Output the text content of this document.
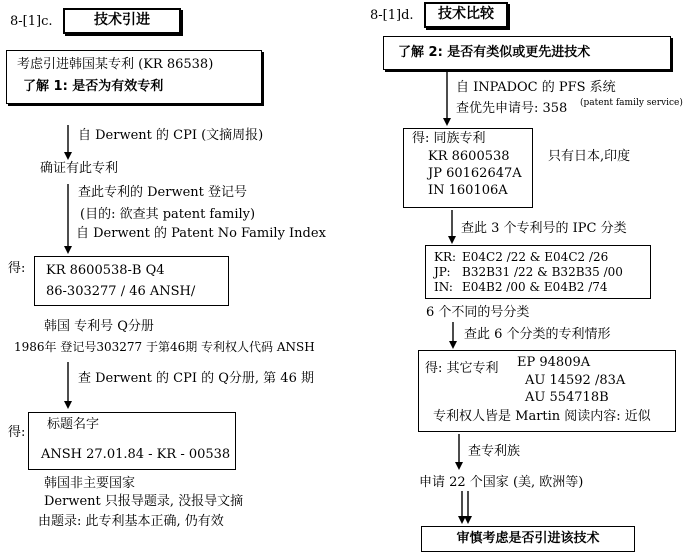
8-[1]c.	技术引进
考虑引进韩国某专利 (KR 86538)
了解 1: 是否为有效专利
自 Derwent 的 CPI (文摘周报)
确证有此专利
查此专利的 Derwent 登记号
(目的: 欲查其 patent family)
自 Derwent 的 Patent No Family Index
得: KR 8600538-B Q4
86-303277 / 46 ANSH/
韩国 专利号 Q分册
1986年 登记号303277 于第46期 专利权人代码 ANSH
查 Derwent 的 CPI 的 Q分册, 第 46 期
得:
标题名字
ANSH 27.01.84 - KR - 00538
韩国非主要国家
Derwent 只报导题录, 没报导文摘
由题录: 此专利基本正确, 仍有效
8-[1]d.	技术比较
了解 2: 是否有类似或更先进技术
自 INPADOC 的 PFS 系统
查优先申请号: 358 (patent family service)
得: 同族专利
KR 8600538
JP 60162647A
IN 160106A
只有日本,印度
查此 3 个专利号的 IPC 分类
KR: E04C2 /22 & E04C2 /26
JP: B32B31 /22 & B32B35 /00
IN: E04B2 /00 & E04B2 /74
6 个不同的号分类
查此 6 个分类的专利情形
得: 其它专利 EP 94809A
AU 14592 /83A
AU 554718B
专利权人皆是 Martin 阅读内容: 近似
查专利族
申请 22 个国家 (美, 欧洲等)
审慎考虑是否引进该技术
